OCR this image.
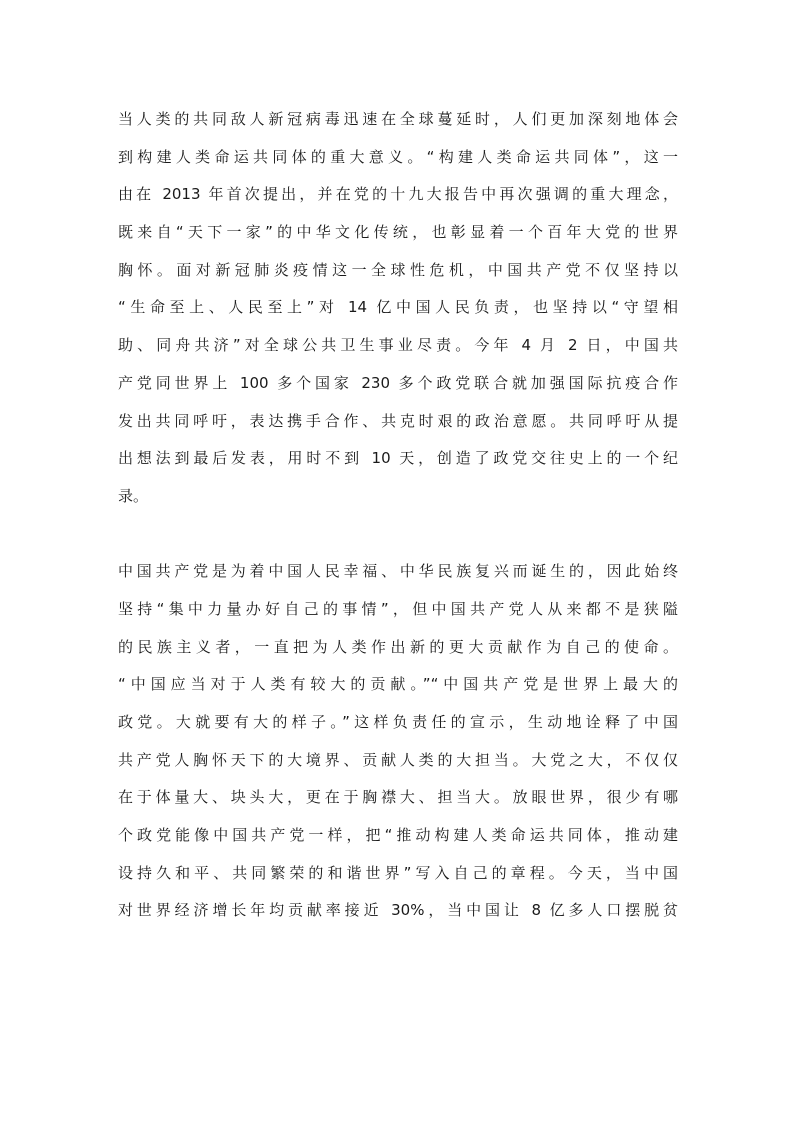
当人类的共同敌人新冠病毒迅速在全球蔓延时，人们更加深刻地体会
到构建人类命运共同体的重大意义。“构建人类命运共同体”，这一
由在 2013 年首次提出，并在党的十九大报告中再次强调的重大理念，
既来自“天下一家”的中华文化传统，也彰显着一个百年大党的世界
胸怀。面对新冠肺炎疫情这一全球性危机，中国共产党不仅坚持以
“生命至上、人民至上”对 14 亿中国人民负责，也坚持以“守望相
助、同舟共济”对全球公共卫生事业尽责。今年 4 月 2 日，中国共
产党同世界上 100 多个国家 230 多个政党联合就加强国际抗疫合作
发出共同呼吁，表达携手合作、共克时艰的政治意愿。共同呼吁从提
出想法到最后发表，用时不到 10 天，创造了政党交往史上的一个纪
录。
中国共产党是为着中国人民幸福、中华民族复兴而诞生的，因此始终
坚持“集中力量办好自己的事情”，但中国共产党人从来都不是狭隘
的民族主义者，一直把为人类作出新的更大贡献作为自己的使命。
“中国应当对于人类有较大的贡献。”“中国共产党是世界上最大的
政党。大就要有大的样子。”这样负责任的宣示，生动地诠释了中国
共产党人胸怀天下的大境界、贡献人类的大担当。大党之大，不仅仅
在于体量大、块头大，更在于胸襟大、担当大。放眼世界，很少有哪
个政党能像中国共产党一样，把“推动构建人类命运共同体，推动建
设持久和平、共同繁荣的和谐世界”写入自己的章程。今天，当中国
对世界经济增长年均贡献率接近 30%，当中国让 8 亿多人口摆脱贫
